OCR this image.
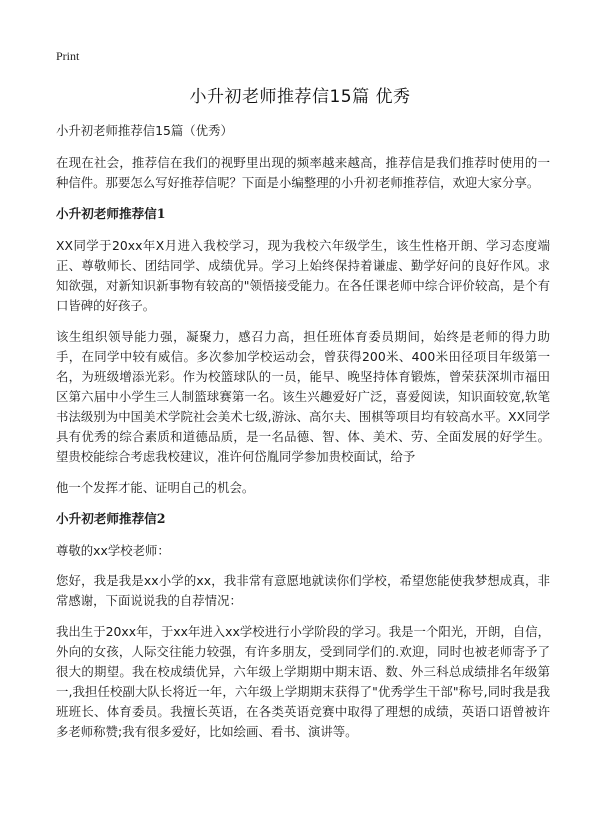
Print
小升初老师推荐信15篇 优秀

小升初老师推荐信15篇（优秀）

在现在社会，推荐信在我们的视野里出现的频率越来越高，推荐信是我们推荐时使用的一种信件。那要怎么写好推荐信呢？下面是小编整理的小升初老师推荐信，欢迎大家分享。

小升初老师推荐信1

XX同学于20xx年X月进入我校学习，现为我校六年级学生，该生性格开朗、学习态度端正、尊敬师长、团结同学、成绩优异。学习上始终保持着谦虚、勤学好问的良好作风。求知欲强，对新知识新事物有较高的"领悟接受能力。在各任课老师中综合评价较高，是个有口皆碑的好孩子。

该生组织领导能力强，凝聚力，感召力高，担任班体育委员期间，始终是老师的得力助手，在同学中较有威信。多次参加学校运动会，曾获得200米、400米田径项目年级第一名，为班级增添光彩。作为校篮球队的一员，能早、晚坚持体育锻炼，曾荣获深圳市福田区第六届中小学生三人制篮球赛第一名。该生兴趣爱好广泛，喜爱阅读，知识面较宽,软笔书法级别为中国美术学院社会美术七级,游泳、高尔夫、围棋等项目均有较高水平。XX同学具有优秀的综合素质和道德品质，是一名品德、智、体、美术、劳、全面发展的好学生。望贵校能综合考虑我校建议，准许何岱胤同学参加贵校面试，给予

他一个发挥才能、证明自己的机会。

小升初老师推荐信2

尊敬的xx学校老师：

您好，我是我是xx小学的xx，我非常有意愿地就读你们学校，希望您能使我梦想成真，非常感谢，下面说说我的自荐情况：

我出生于20xx年，于xx年进入xx学校进行小学阶段的学习。我是一个阳光，开朗，自信，外向的女孩，人际交往能力较强，有许多朋友，受到同学们的.欢迎，同时也被老师寄予了很大的期望。我在校成绩优异，六年级上学期期中期末语、数、外三科总成绩排名年级第一,我担任校副大队长将近一年，六年级上学期期末获得了"优秀学生干部"称号,同时我是我班班长、体育委员。我擅长英语，在各类英语竞赛中取得了理想的成绩，英语口语曾被许多老师称赞;我有很多爱好，比如绘画、看书、演讲等。
